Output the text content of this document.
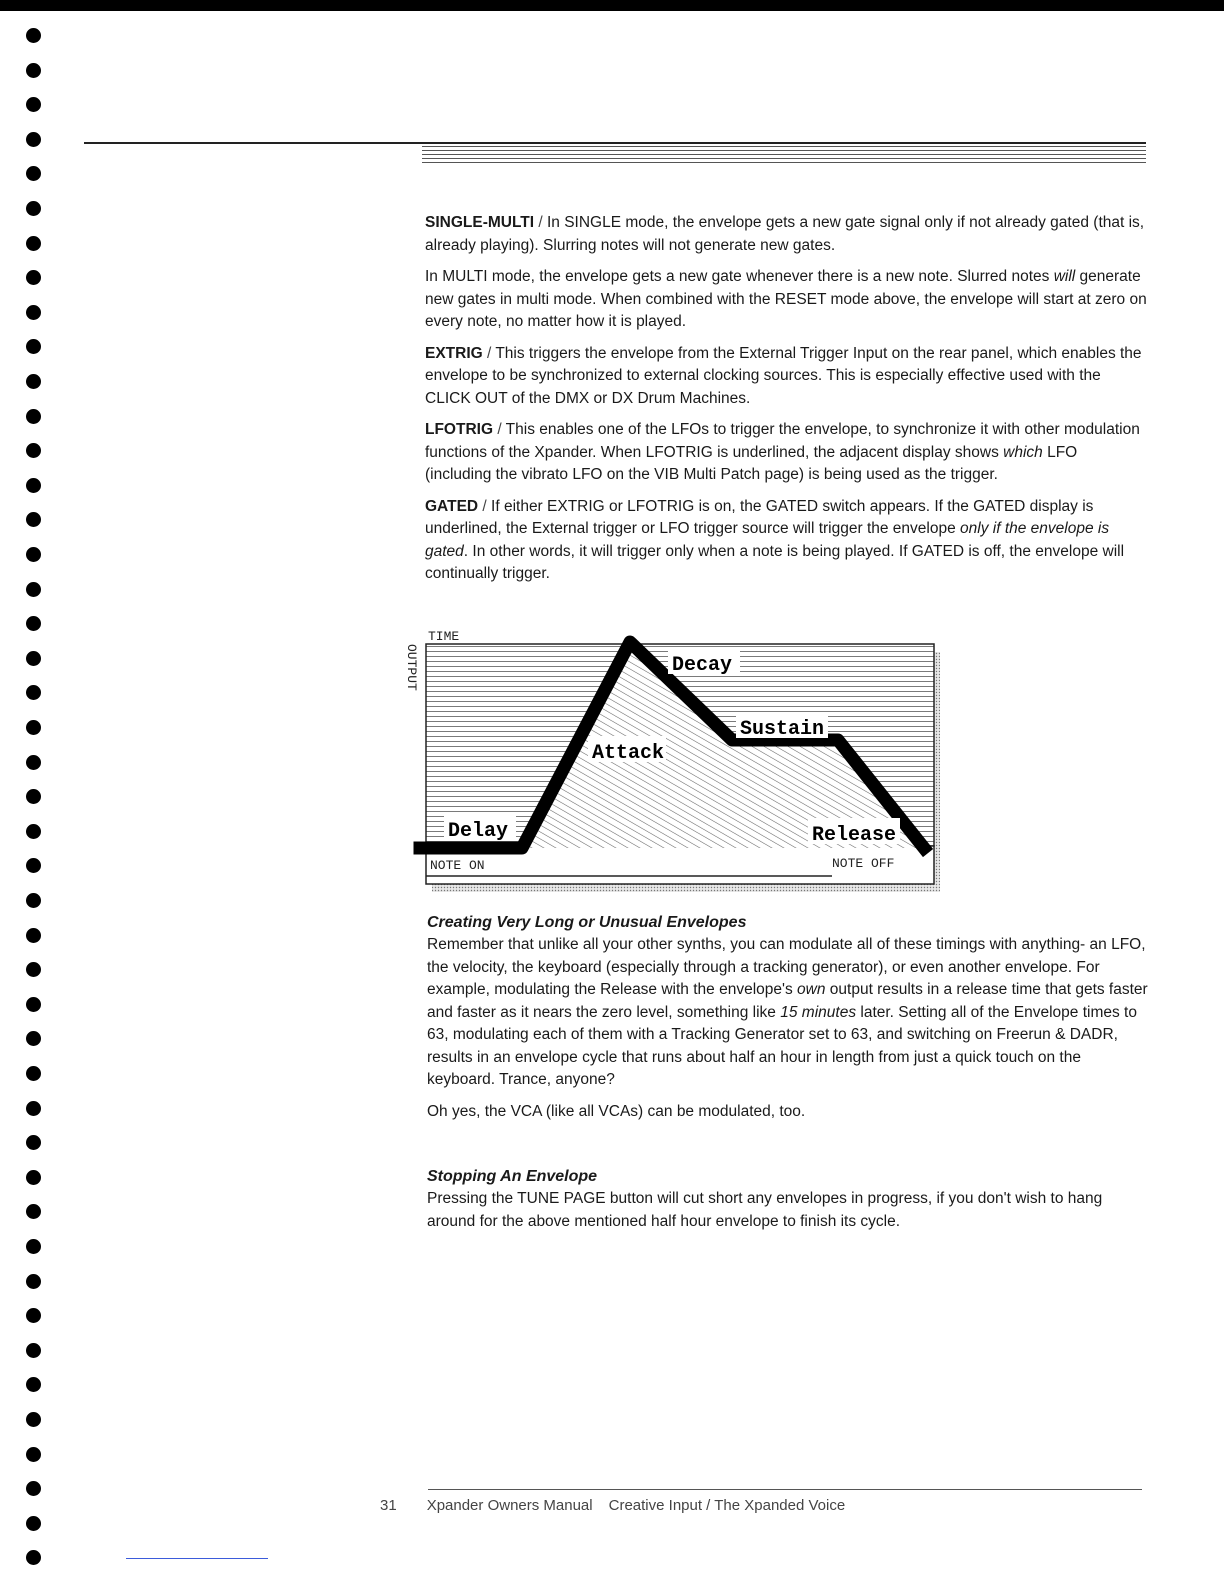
SINGLE-MULTI / In SINGLE mode, the envelope gets a new gate signal only if not already gated (that is, already playing). Slurring notes will not generate new gates.

In MULTI mode, the envelope gets a new gate whenever there is a new note. Slurred notes will generate new gates in multi mode. When combined with the RESET mode above, the envelope will start at zero on every note, no matter how it is played.

EXTRIG / This triggers the envelope from the External Trigger Input on the rear panel, which enables the envelope to be synchronized to external clocking sources. This is especially effective used with the CLICK OUT of the DMX or DX Drum Machines.

LFOTRIG / This enables one of the LFOs to trigger the envelope, to synchronize it with other modulation functions of the Xpander. When LFOTRIG is underlined, the adjacent display shows which LFO (including the vibrato LFO on the VIB Multi Patch page) is being used as the trigger.

GATED / If either EXTRIG or LFOTRIG is on, the GATED switch appears. If the GATED display is underlined, the External trigger or LFO trigger source will trigger the envelope only if the envelope is gated. In other words, it will trigger only when a note is being played. If GATED is off, the envelope will continually trigger.

TIME
OUTPUT
Delay
Attack
Decay
Sustain
Release
NOTE ON	NOTE OFF
Creating Very Long or Unusual Envelopes

Remember that unlike all your other synths, you can modulate all of these timings with anything- an LFO, the velocity, the keyboard (especially through a tracking generator), or even another envelope. For example, modulating the Release with the envelope's own output results in a release time that gets faster and faster as it nears the zero level, something like 15 minutes later. Setting all of the Envelope times to 63, modulating each of them with a Tracking Generator set to 63, and switching on Freerun & DADR, results in an envelope cycle that runs about half an hour in length from just a quick touch on the keyboard. Trance, anyone?

Oh yes, the VCA (like all VCAs) can be modulated, too.

Stopping An Envelope

Pressing the TUNE PAGE button will cut short any envelopes in progress, if you don't wish to hang around for the above mentioned half hour envelope to finish its cycle.

31 Xpander Owners Manual Creative Input / The Xpanded Voice
